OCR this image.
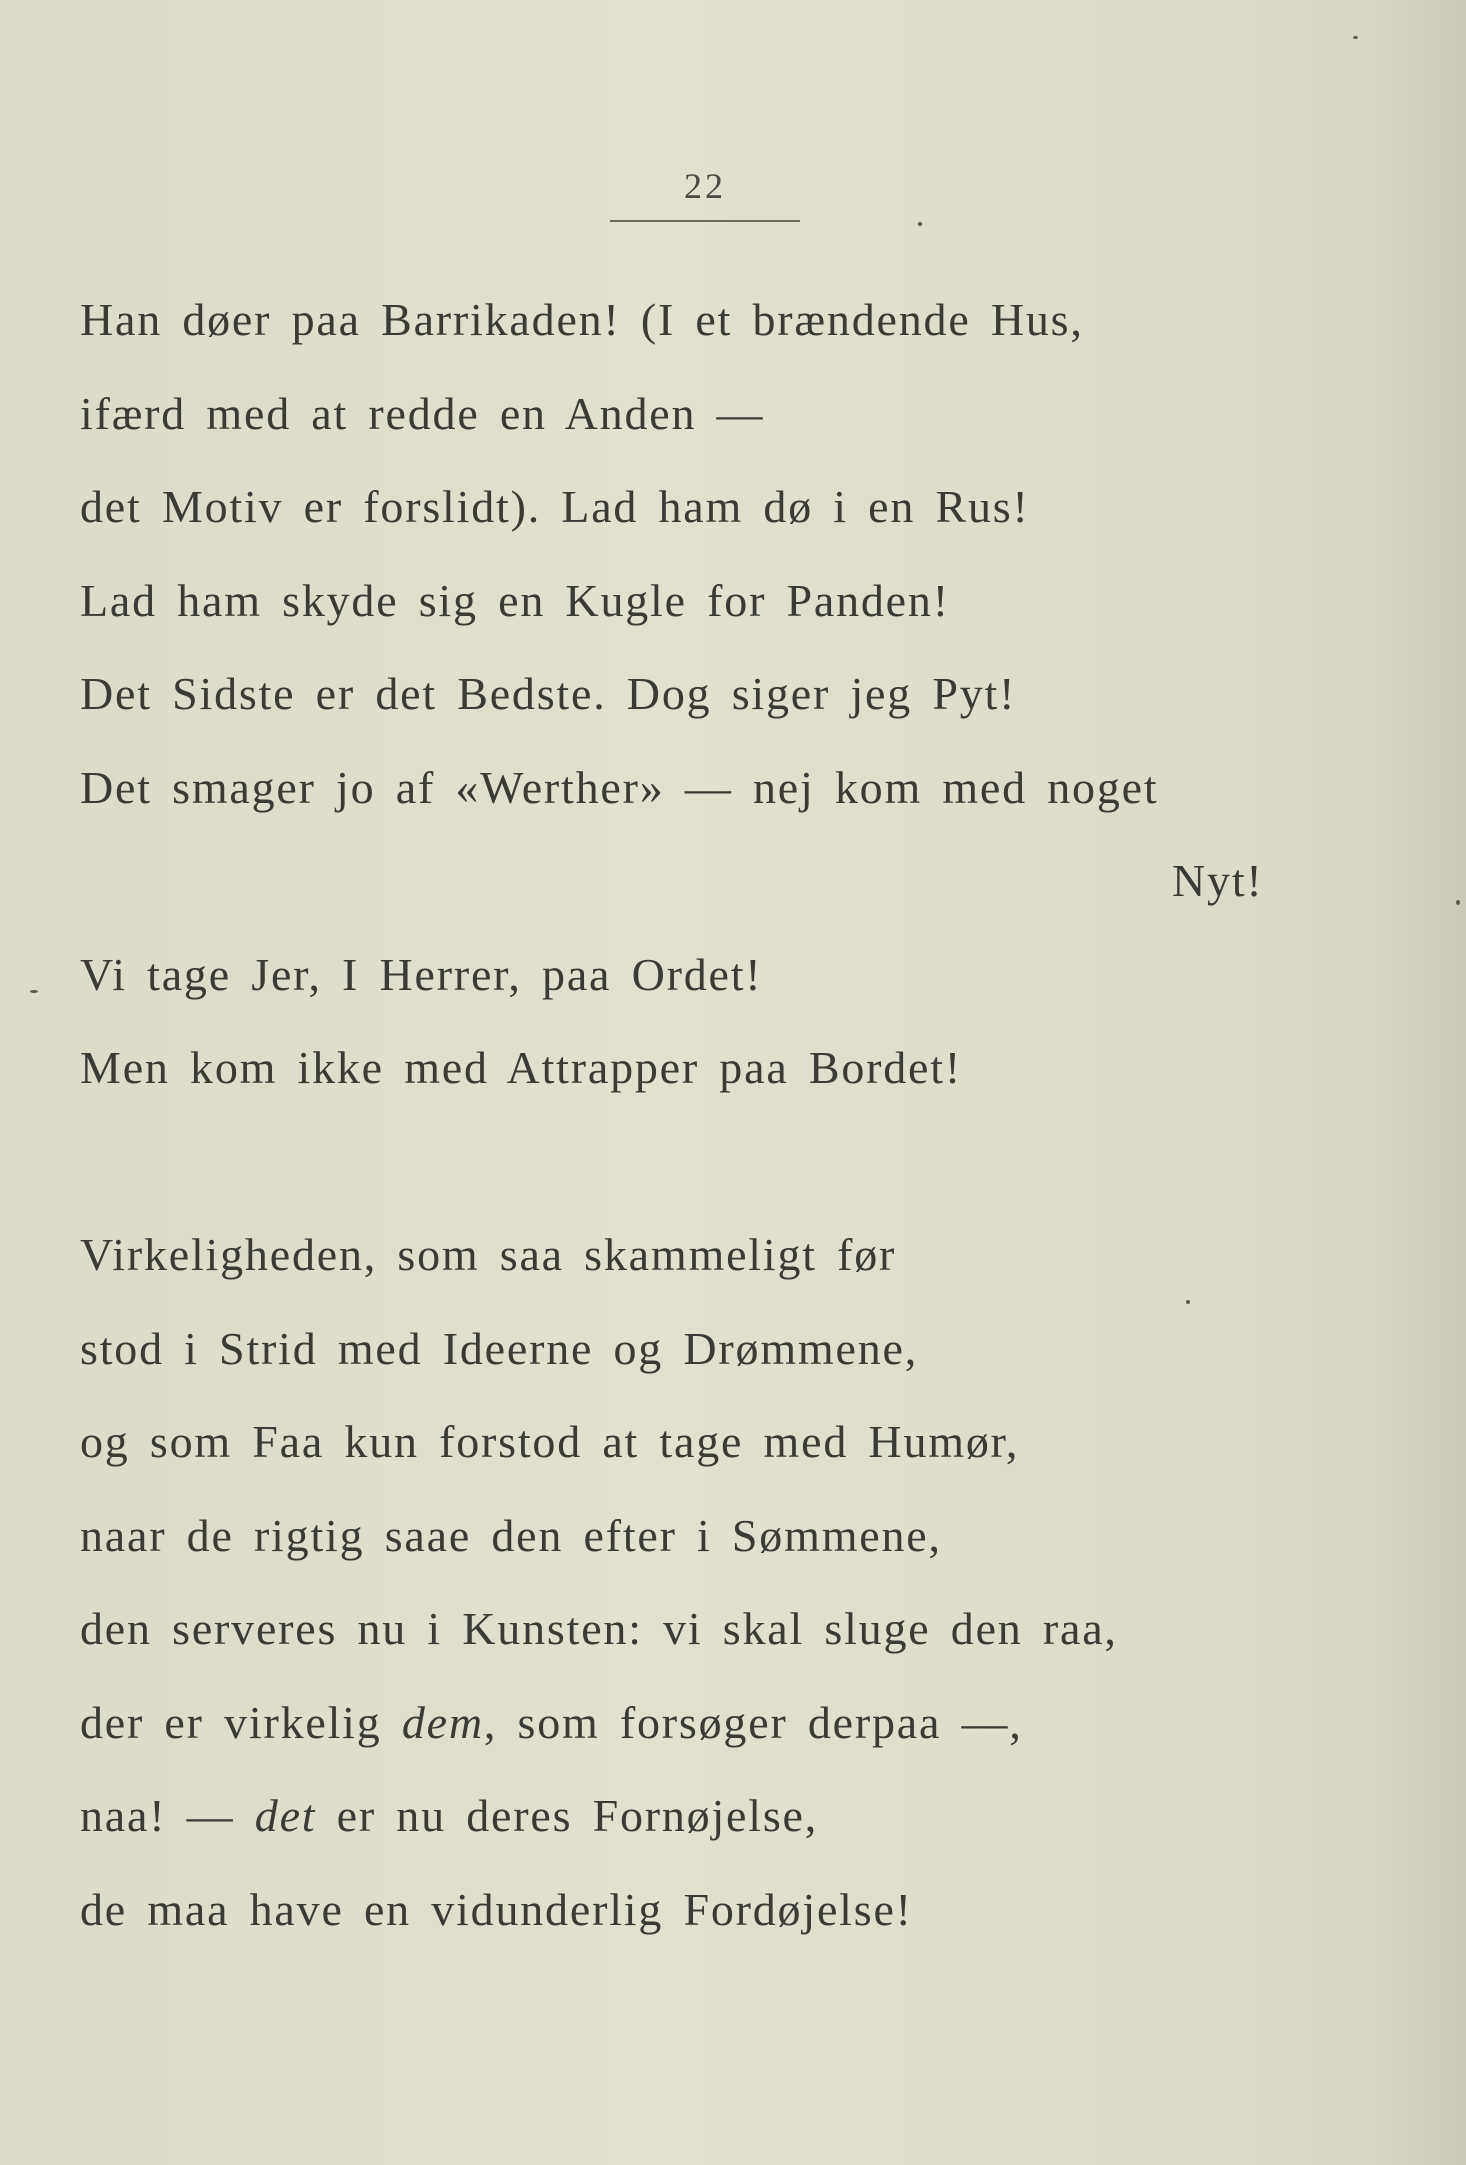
22
Han døer paa Barrikaden! (I et brændende Hus,
ifærd med at redde en Anden —
det Motiv er forslidt). Lad ham dø i en Rus!
Lad ham skyde sig en Kugle for Panden!
Det Sidste er det Bedste. Dog siger jeg Pyt!
Det smager jo af «Werther» — nej kom med noget
Nyt!
Vi tage Jer, I Herrer, paa Ordet!
Men kom ikke med Attrapper paa Bordet!
Virkeligheden, som saa skammeligt før
stod i Strid med Ideerne og Drømmene,
og som Faa kun forstod at tage med Humør,
naar de rigtig saae den efter i Sømmene,
den serveres nu i Kunsten: vi skal sluge den raa,
der er virkelig dem, som forsøger derpaa —,
naa! — det er nu deres Fornøjelse,
de maa have en vidunderlig Fordøjelse!
